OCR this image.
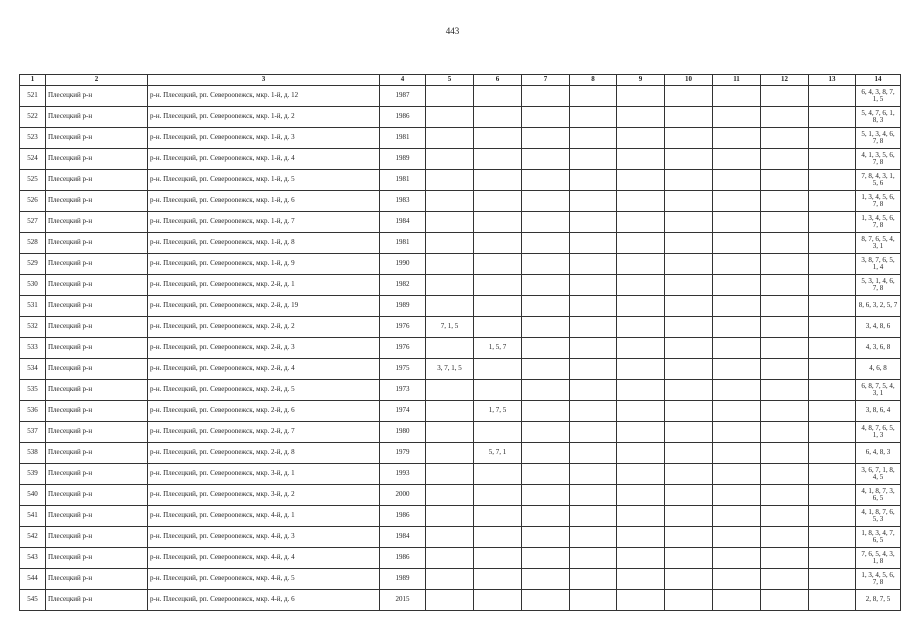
443
1	2	3	4	5	6	7	8	9	10	11	12	13	14
521	Плесецкий р-н	р-н. Плесецкий, рп. Северооnежск, мкр. 1-й, д. 12	1987										6, 4, 3, 8, 7, 1, 5
522	Плесецкий р-н	р-н. Плесецкий, рп. Северооnежск, мкр. 1-й, д. 2	1986										5, 4, 7, 6, 1, 8, 3
523	Плесецкий р-н	р-н. Плесецкий, рп. Северооnежск, мкр. 1-й, д. 3	1981										5, 1, 3, 4, 6, 7, 8
524	Плесецкий р-н	р-н. Плесецкий, рп. Северооnежск, мкр. 1-й, д. 4	1989										4, 1, 3, 5, 6, 7, 8
525	Плесецкий р-н	р-н. Плесецкий, рп. Северооnежск, мкр. 1-й, д. 5	1981										7, 8, 4, 3, 1, 5, 6
526	Плесецкий р-н	р-н. Плесецкий, рп. Северооnежск, мкр. 1-й, д. 6	1983										1, 3, 4, 5, 6, 7, 8
527	Плесецкий р-н	р-н. Плесецкий, рп. Северооnежск, мкр. 1-й, д. 7	1984										1, 3, 4, 5, 6, 7, 8
528	Плесецкий р-н	р-н. Плесецкий, рп. Северооnежск, мкр. 1-й, д. 8	1981										8, 7, 6, 5, 4, 3, 1
529	Плесецкий р-н	р-н. Плесецкий, рп. Северооnежск, мкр. 1-й, д. 9	1990										3, 8, 7, 6, 5, 1, 4
530	Плесецкий р-н	р-н. Плесецкий, рп. Северооnежск, мкр. 2-й, д. 1	1982										5, 3, 1, 4, 6, 7, 8
531	Плесецкий р-н	р-н. Плесецкий, рп. Северооnежск, мкр. 2-й, д. 19	1989										8, 6, 3, 2, 5, 7
532	Плесецкий р-н	р-н. Плесецкий, рп. Северооnежск, мкр. 2-й, д. 2	1976	7, 1, 5									3, 4, 8, 6
533	Плесецкий р-н	р-н. Плесецкий, рп. Северооnежск, мкр. 2-й, д. 3	1976		1, 5, 7								4, 3, 6, 8
534	Плесецкий р-н	р-н. Плесецкий, рп. Северооnежск, мкр. 2-й, д. 4	1975	3, 7, 1, 5									4, 6, 8
535	Плесецкий р-н	р-н. Плесецкий, рп. Северооnежск, мкр. 2-й, д. 5	1973										6, 8, 7, 5, 4, 3, 1
536	Плесецкий р-н	р-н. Плесецкий, рп. Северооnежск, мкр. 2-й, д. 6	1974		1, 7, 5								3, 8, 6, 4
537	Плесецкий р-н	р-н. Плесецкий, рп. Северооnежск, мкр. 2-й, д. 7	1980										4, 8, 7, 6, 5, 1, 3
538	Плесецкий р-н	р-н. Плесецкий, рп. Северооnежск, мкр. 2-й, д. 8	1979		5, 7, 1								6, 4, 8, 3
539	Плесецкий р-н	р-н. Плесецкий, рп. Северооnежск, мкр. 3-й, д. 1	1993										3, 6, 7, 1, 8, 4, 5
540	Плесецкий р-н	р-н. Плесецкий, рп. Северооnежск, мкр. 3-й, д. 2	2000										4, 1, 8, 7, 3, 6, 5
541	Плесецкий р-н	р-н. Плесецкий, рп. Северооnежск, мкр. 4-й, д. 1	1986										4, 1, 8, 7, 6, 5, 3
542	Плесецкий р-н	р-н. Плесецкий, рп. Северооnежск, мкр. 4-й, д. 3	1984										1, 8, 3, 4, 7, 6, 5
543	Плесецкий р-н	р-н. Плесецкий, рп. Северооnежск, мкр. 4-й, д. 4	1986										7, 6, 5, 4, 3, 1, 8
544	Плесецкий р-н	р-н. Плесецкий, рп. Северооnежск, мкр. 4-й, д. 5	1989										1, 3, 4, 5, 6, 7, 8
545	Плесецкий р-н	р-н. Плесецкий, рп. Северооnежск, мкр. 4-й, д. 6	2015										2, 8, 7, 5
